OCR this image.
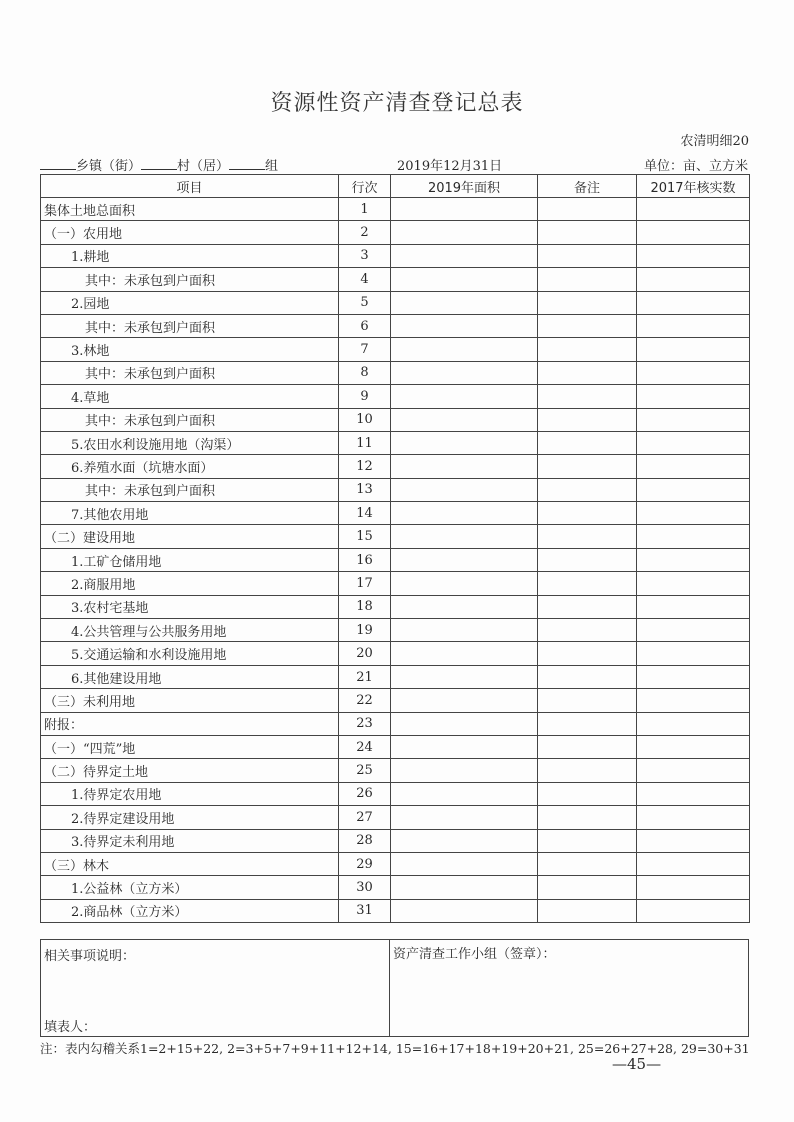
资源性资产清查登记总表
农清明细20
乡镇（街）	村（居）	组	2019年12月31日	单位：亩、立方米
项目	行次	2019年面积	备注	2017年核实数
集体土地总面积	1			
（一）农用地	2			
1.耕地	3			
其中：未承包到户面积	4			
2.园地	5			
其中：未承包到户面积	6			
3.林地	7			
其中：未承包到户面积	8			
4.草地	9			
其中：未承包到户面积	10			
5.农田水利设施用地（沟渠）	11			
6.养殖水面（坑塘水面）	12			
其中：未承包到户面积	13			
7.其他农用地	14			
（二）建设用地	15			
1.工矿仓储用地	16			
2.商服用地	17			
3.农村宅基地	18			
4.公共管理与公共服务用地	19			
5.交通运输和水利设施用地	20			
6.其他建设用地	21			
（三）未利用地	22			
附报：	23			
（一）“四荒”地	24			
（二）待界定土地	25			
1.待界定农用地	26			
2.待界定建设用地	27			
3.待界定未利用地	28			
（三）林木	29			
1.公益林（立方米）	30			
2.商品林（立方米）	31			
相关事项说明：
填表人：
资产清查工作小组（签章）：
注：表内勾稽关系1=2+15+22, 2=3+5+7+9+11+12+14, 15=16+17+18+19+20+21, 25=26+27+28, 29=30+31
—45—
